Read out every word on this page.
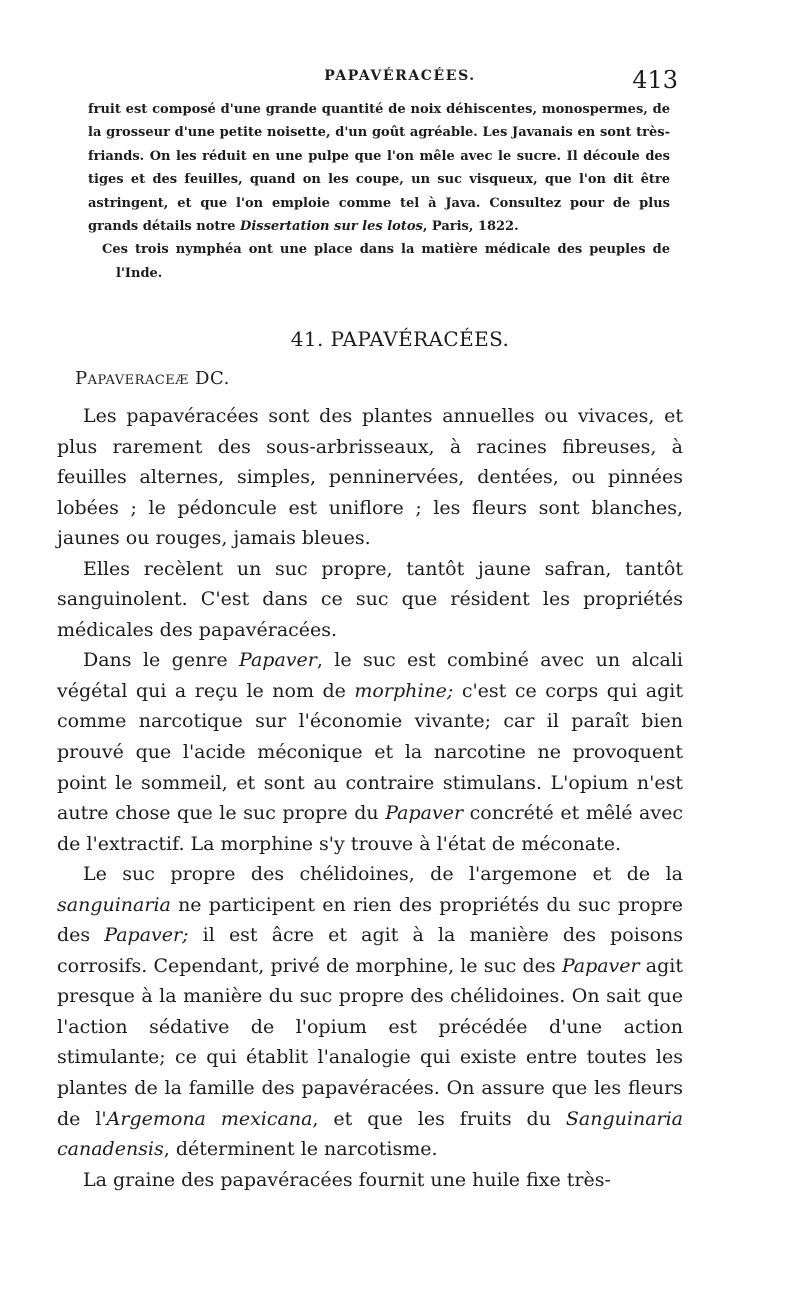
PAPAVÉRACÉES.	413

fruit est composé d'une grande quantité de noix déhiscentes, monospermes, de la grosseur d'une petite noisette, d'un goût agréable. Les Javanais en sont très-friands. On les réduit en une pulpe que l'on mêle avec le sucre. Il découle des tiges et des feuilles, quand on les coupe, un suc visqueux, que l'on dit être astringent, et que l'on emploie comme tel à Java. Consultez pour de plus grands détails notre Dissertation sur les lotos, Paris, 1822.

Ces trois nymphéa ont une place dans la matière médicale des peuples de l'Inde.

41. PAPAVÉRACÉES.
Papaveraceæ DC.

Les papavéracées sont des plantes annuelles ou vivaces, et plus rarement des sous-arbrisseaux, à racines fibreuses, à feuilles alternes, simples, penninervées, dentées, ou pinnées lobées ; le pédoncule est uniflore ; les fleurs sont blanches, jaunes ou rouges, jamais bleues.

Elles recèlent un suc propre, tantôt jaune safran, tantôt sanguinolent. C'est dans ce suc que résident les propriétés médicales des papavéracées.

Dans le genre Papaver, le suc est combiné avec un alcali végétal qui a reçu le nom de morphine; c'est ce corps qui agit comme narcotique sur l'économie vivante; car il paraît bien prouvé que l'acide méconique et la narcotine ne provoquent point le sommeil, et sont au contraire stimulans. L'opium n'est autre chose que le suc propre du Papaver concrété et mêlé avec de l'extractif. La morphine s'y trouve à l'état de méconate.

Le suc propre des chélidoines, de l'argemone et de la sanguinaria ne participent en rien des propriétés du suc propre des Papaver; il est âcre et agit à la manière des poisons corrosifs. Cependant, privé de morphine, le suc des Papaver agit presque à la manière du suc propre des chélidoines. On sait que l'action sédative de l'opium est précédée d'une action stimulante; ce qui établit l'analogie qui existe entre toutes les plantes de la famille des papavéracées. On assure que les fleurs de l'Argemona mexicana, et que les fruits du Sanguinaria canadensis, déterminent le narcotisme.

La graine des papavéracées fournit une huile fixe très-
